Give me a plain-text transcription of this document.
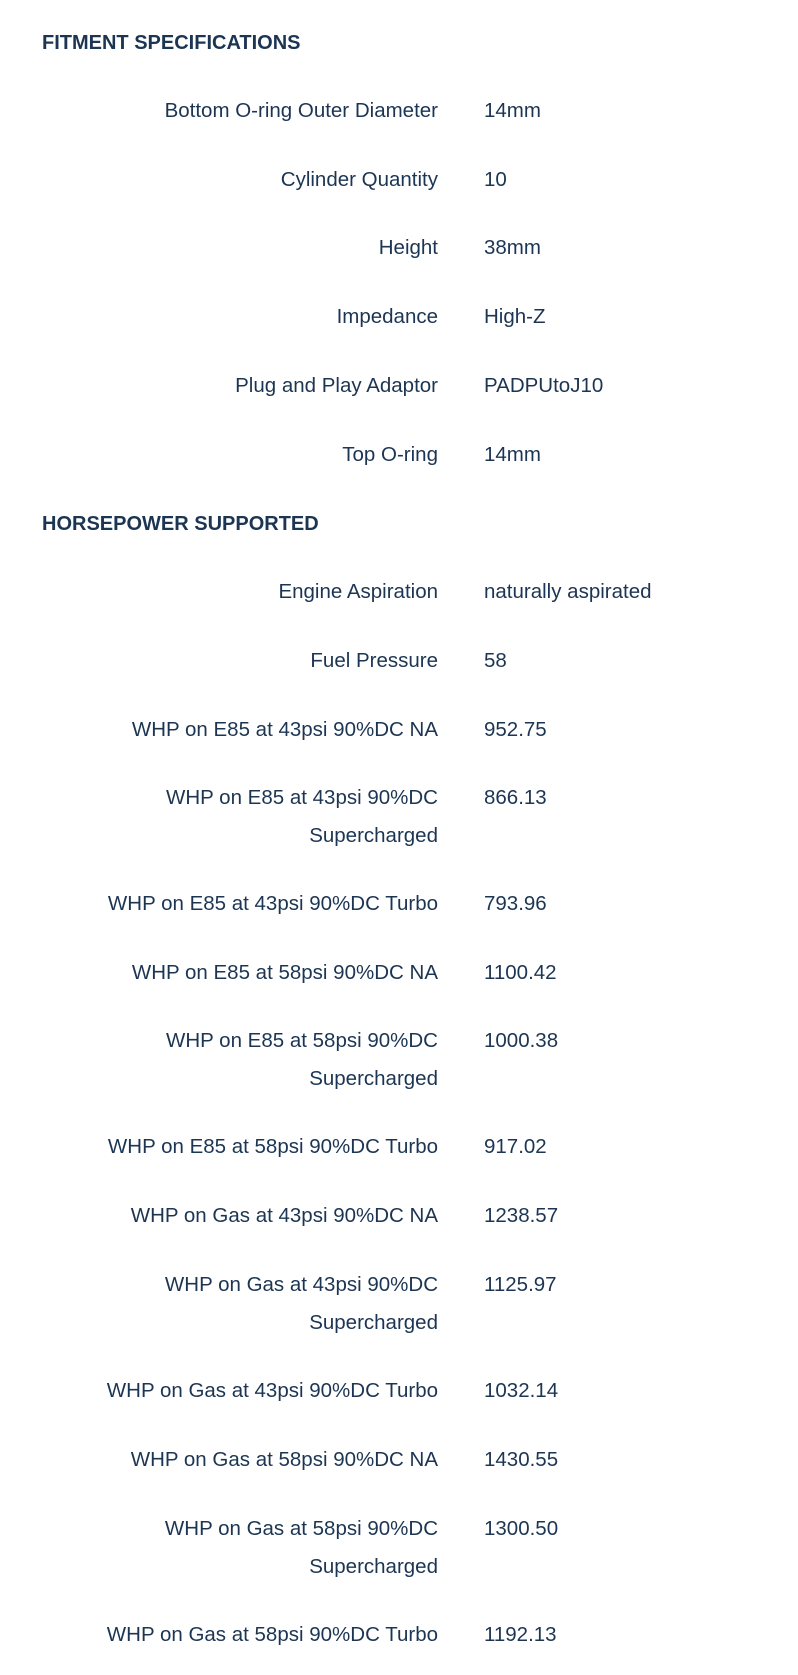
FITMENT SPECIFICATIONS
Bottom O-ring Outer Diameter 14mm
Cylinder Quantity 10
Height 38mm
Impedance High-Z
Plug and Play Adaptor PADPUtoJ10
Top O-ring 14mm
HORSEPOWER SUPPORTED
Engine Aspiration naturally aspirated
Fuel Pressure 58
WHP on E85 at 43psi 90%DC NA 952.75
WHP on E85 at 43psi 90%DC Supercharged
866.13
WHP on E85 at 43psi 90%DC Turbo 793.96
WHP on E85 at 58psi 90%DC NA 1100.42
WHP on E85 at 58psi 90%DC Supercharged
1000.38
WHP on E85 at 58psi 90%DC Turbo 917.02
WHP on Gas at 43psi 90%DC NA 1238.57
WHP on Gas at 43psi 90%DC Supercharged
1125.97
WHP on Gas at 43psi 90%DC Turbo 1032.14
WHP on Gas at 58psi 90%DC NA 1430.55
WHP on Gas at 58psi 90%DC Supercharged
1300.50
WHP on Gas at 58psi 90%DC Turbo 1192.13
